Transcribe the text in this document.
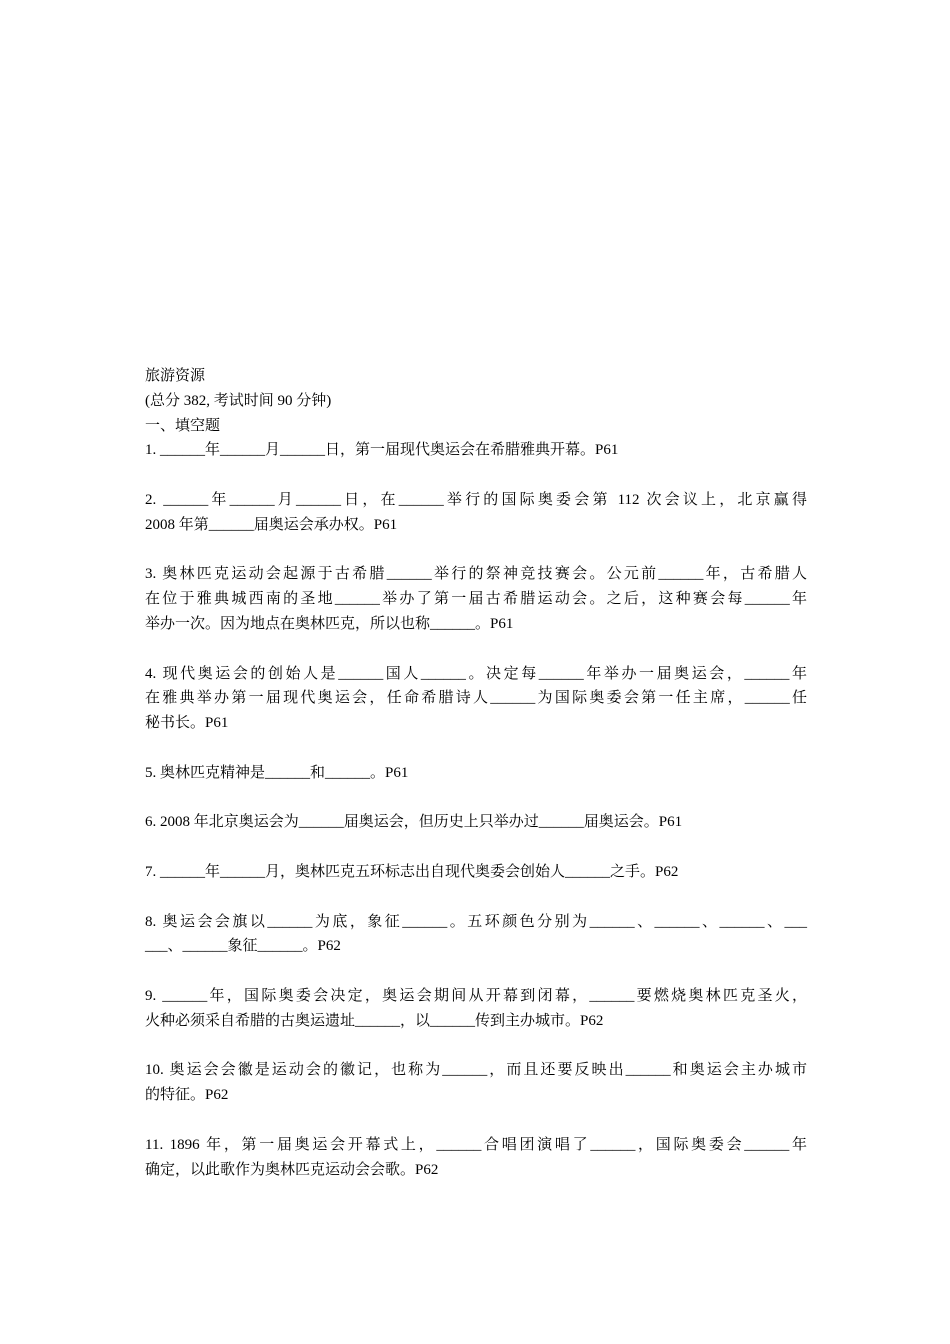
旅游资源

(总分 382, 考试时间 90 分钟)

一、填空题

1. ______年______月______日，第一届现代奥运会在希腊雅典开幕。P61
2. ______年______月______日，在______举行的国际奥委会第 112 次会议上，北京赢得
2008 年第______届奥运会承办权。P61
3. 奥林匹克运动会起源于古希腊______举行的祭神竞技赛会。公元前______年，古希腊人
在位于雅典城西南的圣地______举办了第一届古希腊运动会。之后，这种赛会每______年
举办一次。因为地点在奥林匹克，所以也称______。P61
4. 现代奥运会的创始人是______国人______。决定每______年举办一届奥运会，______年
在雅典举办第一届现代奥运会，任命希腊诗人______为国际奥委会第一任主席，______任
秘书长。P61
5. 奥林匹克精神是______和______。P61
6. 2008 年北京奥运会为______届奥运会，但历史上只举办过______届奥运会。P61
7. ______年______月，奥林匹克五环标志出自现代奥委会创始人______之手。P62
8. 奥运会会旗以______为底，象征______。五环颜色分别为______、______、______、___
___、______象征______。P62
9. ______年，国际奥委会决定，奥运会期间从开幕到闭幕，______要燃烧奥林匹克圣火，
火种必须采自希腊的古奥运遗址______，以______传到主办城市。P62
10. 奥运会会徽是运动会的徽记，也称为______，而且还要反映出______和奥运会主办城市
的特征。P62
11. 1896 年，第一届奥运会开幕式上，______合唱团演唱了______，国际奥委会______年
确定，以此歌作为奥林匹克运动会会歌。P62
